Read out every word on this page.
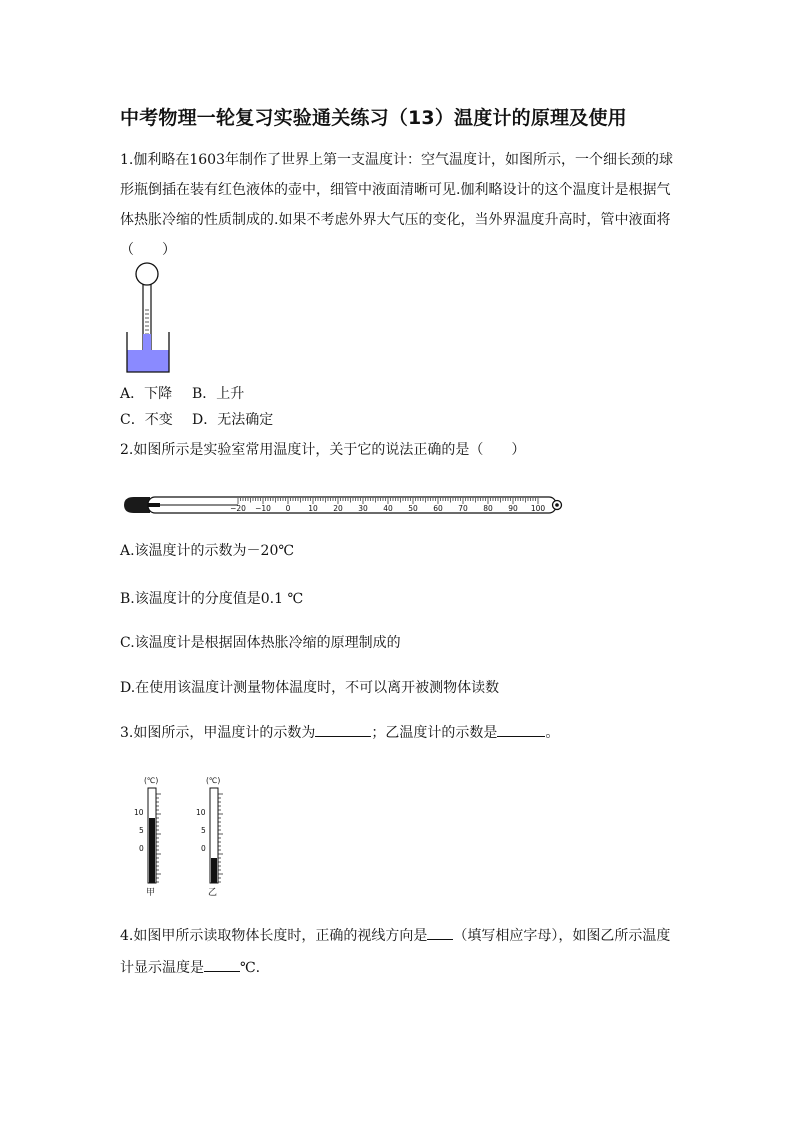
中考物理一轮复习实验通关练习（13）温度计的原理及使用
1.伽利略在1603年制作了世界上第一支温度计：空气温度计，如图所示，一个细长颈的球形瓶倒插在装有红色液体的壶中，细管中液面清晰可见.伽利略设计的这个温度计是根据气体热胀冷缩的性质制成的.如果不考虑外界大气压的变化，当外界温度升高时，管中液面将（　　）
A．下降 B．上升
C．不变 D．无法确定
2.如图所示是实验室常用温度计，关于它的说法正确的是（　　）
−20 −10 0 10 20 30 40 50 60 70 80 90 100
A.该温度计的示数为－20℃
B.该温度计的分度值是0.1 ℃
C.该温度计是根据固体热胀冷缩的原理制成的
D.在使用该温度计测量物体温度时，不可以离开被测物体读数
3.如图所示，甲温度计的示数为	；乙温度计的示数是	。
(℃)
10
5
0
甲
(℃)
10
5
0
乙
4.如图甲所示读取物体长度时，正确的视线方向是 （填写相应字母），如图乙所示温度
计显示温度是	℃.
